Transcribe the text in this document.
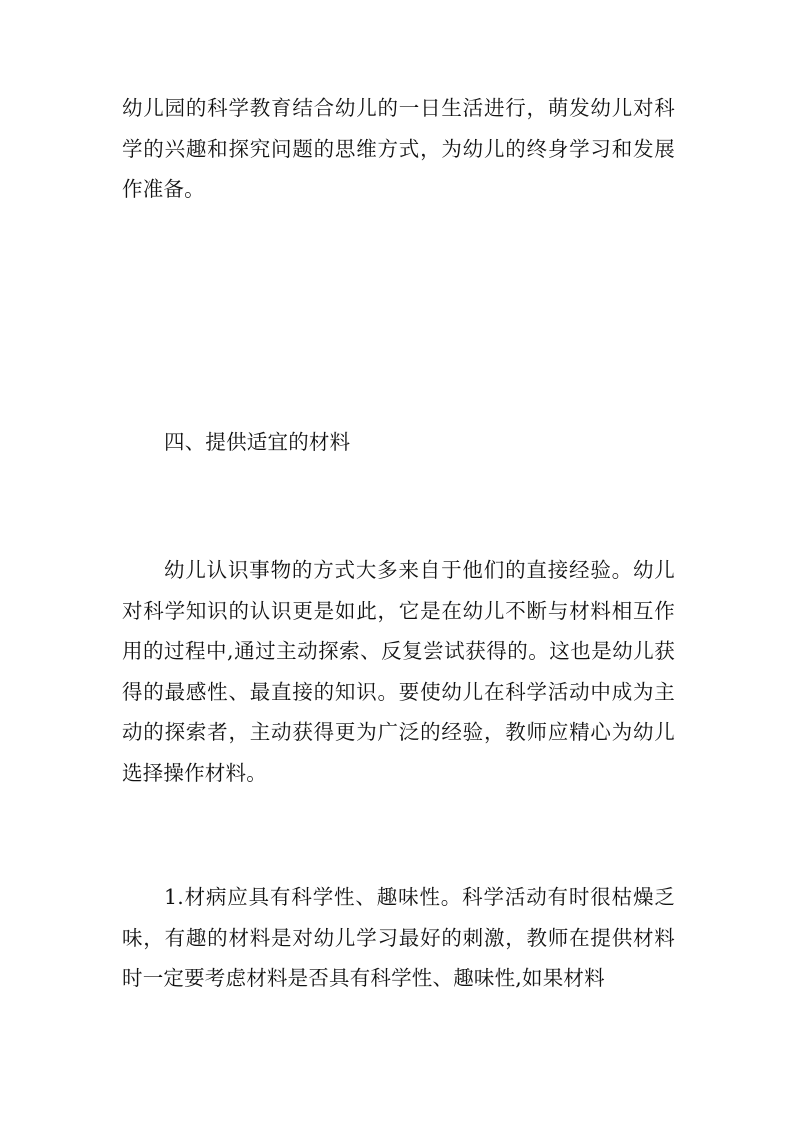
幼儿园的科学教育结合幼儿的一日生活进行，萌发幼儿对科学的兴趣和探究问题的思维方式，为幼儿的终身学习和发展作准备。

四、提供适宜的材料

幼儿认识事物的方式大多来自于他们的直接经验。幼儿对科学知识的认识更是如此，它是在幼儿不断与材料相互作用的过程中,通过主动探索、反复尝试获得的。这也是幼儿获得的最感性、最直接的知识。要使幼儿在科学活动中成为主动的探索者，主动获得更为广泛的经验，教师应精心为幼儿选择操作材料。

1.材病应具有科学性、趣味性。科学活动有时很枯燥乏味，有趣的材料是对幼儿学习最好的刺激，教师在提供材料时一定要考虑材料是否具有科学性、趣味性,如果材料
